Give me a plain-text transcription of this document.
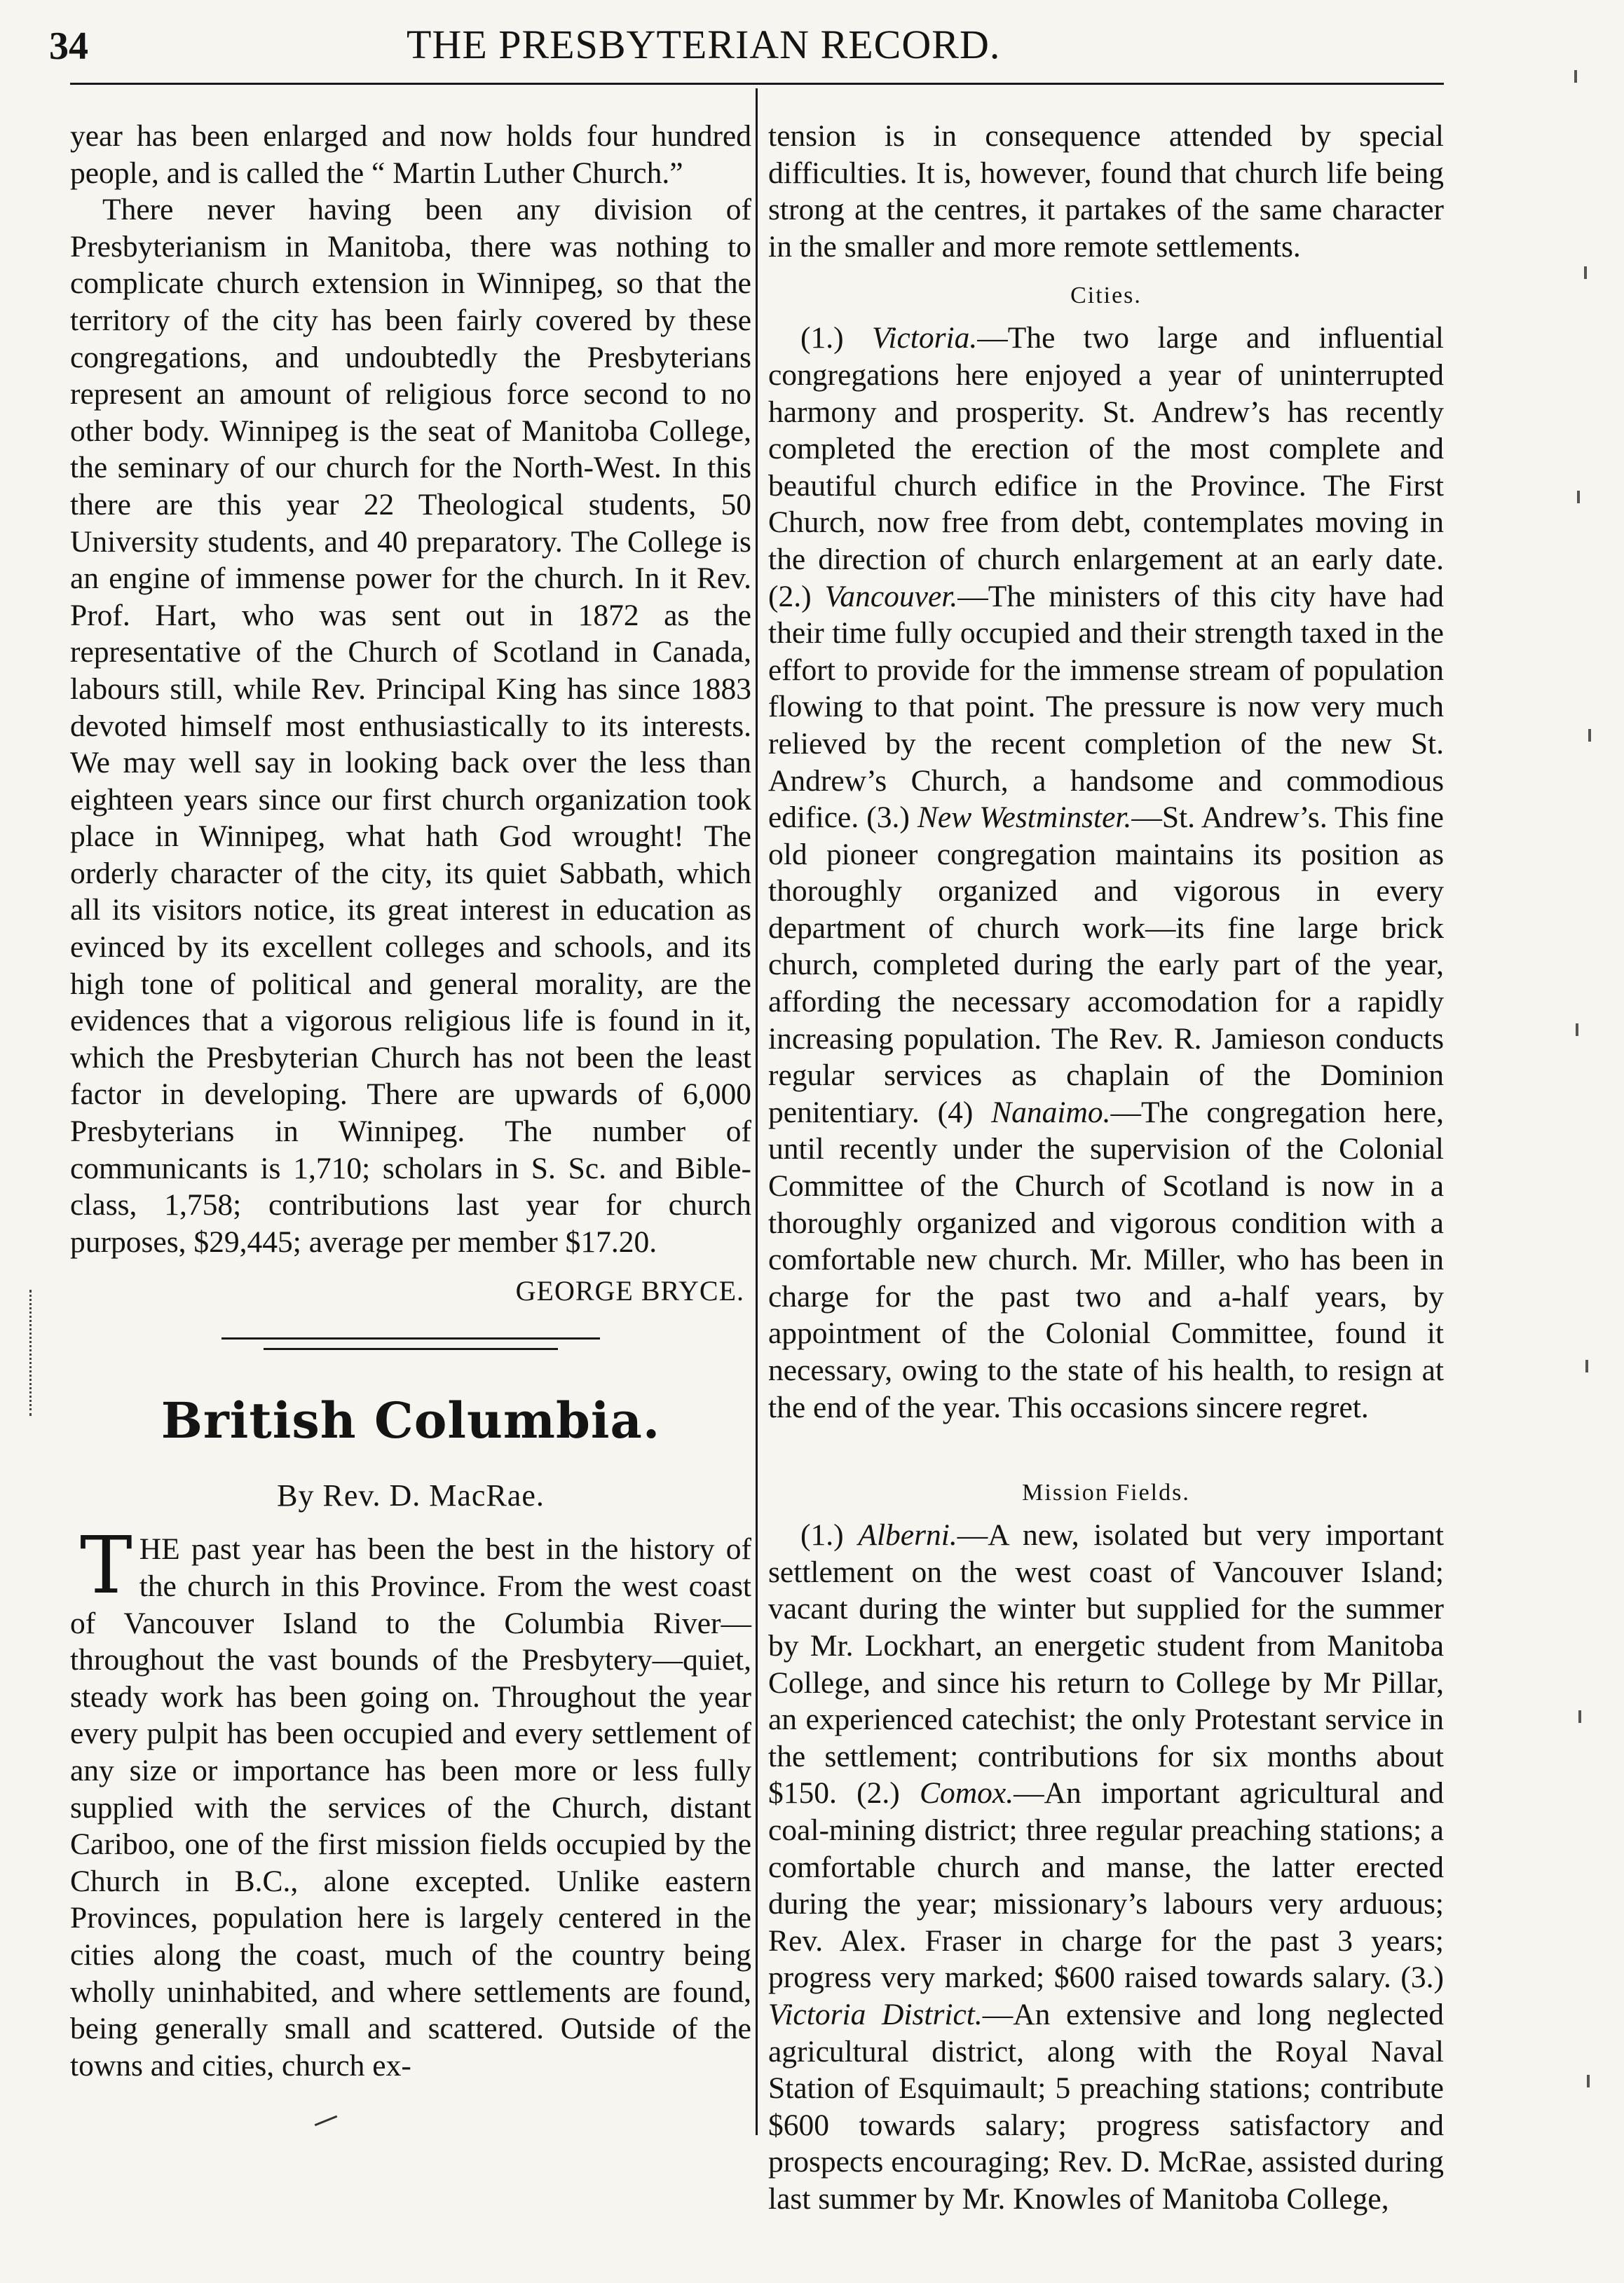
34	THE PRESBYTERIAN RECORD.

year has been enlarged and now holds four hundred people, and is called the “ Martin Luther Church.”

There never having been any division of Presbyterianism in Manitoba, there was nothing to complicate church extension in Winnipeg, so that the territory of the city has been fairly covered by these congregations, and undoubtedly the Presbyterians represent an amount of religious force second to no other body. Winnipeg is the seat of Manitoba College, the seminary of our church for the North-West. In this there are this year 22 Theological students, 50 University students, and 40 preparatory. The College is an engine of immense power for the church. In it Rev. Prof. Hart, who was sent out in 1872 as the representative of the Church of Scotland in Canada, labours still, while Rev. Principal King has since 1883 devoted himself most enthusiastically to its interests. We may well say in looking back over the less than eighteen years since our first church organization took place in Winnipeg, what hath God wrought! The orderly character of the city, its quiet Sabbath, which all its visitors notice, its great interest in education as evinced by its excellent colleges and schools, and its high tone of political and general morality, are the evidences that a vigorous religious life is found in it, which the Presbyterian Church has not been the least factor in developing. There are upwards of 6,000 Presbyterians in Winnipeg. The number of communicants is 1,710; scholars in S. Sc. and Bible-class, 1,758; contributions last year for church purposes, $29,445; average per member $17.20.

GEORGE BRYCE.
British Columbia.
By Rev. D. MacRae.

THE past year has been the best in the history of the church in this Province. From the west coast of Vancouver Island to the Columbia River—throughout the vast bounds of the Presbytery—quiet, steady work has been going on. Throughout the year every pulpit has been occupied and every settlement of any size or importance has been more or less fully supplied with the services of the Church, distant Cariboo, one of the first mission fields occupied by the Church in B.C., alone excepted. Unlike eastern Provinces, population here is largely centered in the cities along the coast, much of the country being wholly uninhabited, and where settlements are found, being generally small and scattered. Outside of the towns and cities, church ex-

tension is in consequence attended by special difficulties. It is, however, found that church life being strong at the centres, it partakes of the same character in the smaller and more remote settlements.

Cities.

(1.) Victoria.—The two large and influential congregations here enjoyed a year of uninterrupted harmony and prosperity. St. Andrew’s has recently completed the erection of the most complete and beautiful church edifice in the Province. The First Church, now free from debt, contemplates moving in the direction of church enlargement at an early date. (2.) Vancouver.—The ministers of this city have had their time fully occupied and their strength taxed in the effort to provide for the immense stream of population flowing to that point. The pressure is now very much relieved by the recent completion of the new St. Andrew’s Church, a handsome and commodious edifice. (3.) New Westminster.—St. Andrew’s. This fine old pioneer congregation maintains its position as thoroughly organized and vigorous in every department of church work—its fine large brick church, completed during the early part of the year, affording the necessary accomodation for a rapidly increasing population. The Rev. R. Jamieson conducts regular services as chaplain of the Dominion penitentiary. (4) Nanaimo.—The congregation here, until recently under the supervision of the Colonial Committee of the Church of Scotland is now in a thoroughly organized and vigorous condition with a comfortable new church. Mr. Miller, who has been in charge for the past two and a-half years, by appointment of the Colonial Committee, found it necessary, owing to the state of his health, to resign at the end of the year. This occasions sincere regret.

Mission Fields.

(1.) Alberni.—A new, isolated but very important settlement on the west coast of Vancouver Island; vacant during the winter but supplied for the summer by Mr. Lockhart, an energetic student from Manitoba College, and since his return to College by Mr Pillar, an experienced catechist; the only Protestant service in the settlement; contributions for six months about $150. (2.) Comox.—An important agricultural and coal-mining district; three regular preaching stations; a comfortable church and manse, the latter erected during the year; missionary’s labours very arduous; Rev. Alex. Fraser in charge for the past 3 years; progress very marked; $600 raised towards salary. (3.) Victoria District.—An extensive and long neglected agricultural district, along with the Royal Naval Station of Esquimault; 5 preaching stations; contribute $600 towards salary; progress satisfactory and prospects encouraging; Rev. D. McRae, assisted during last summer by Mr. Knowles of Manitoba College,
